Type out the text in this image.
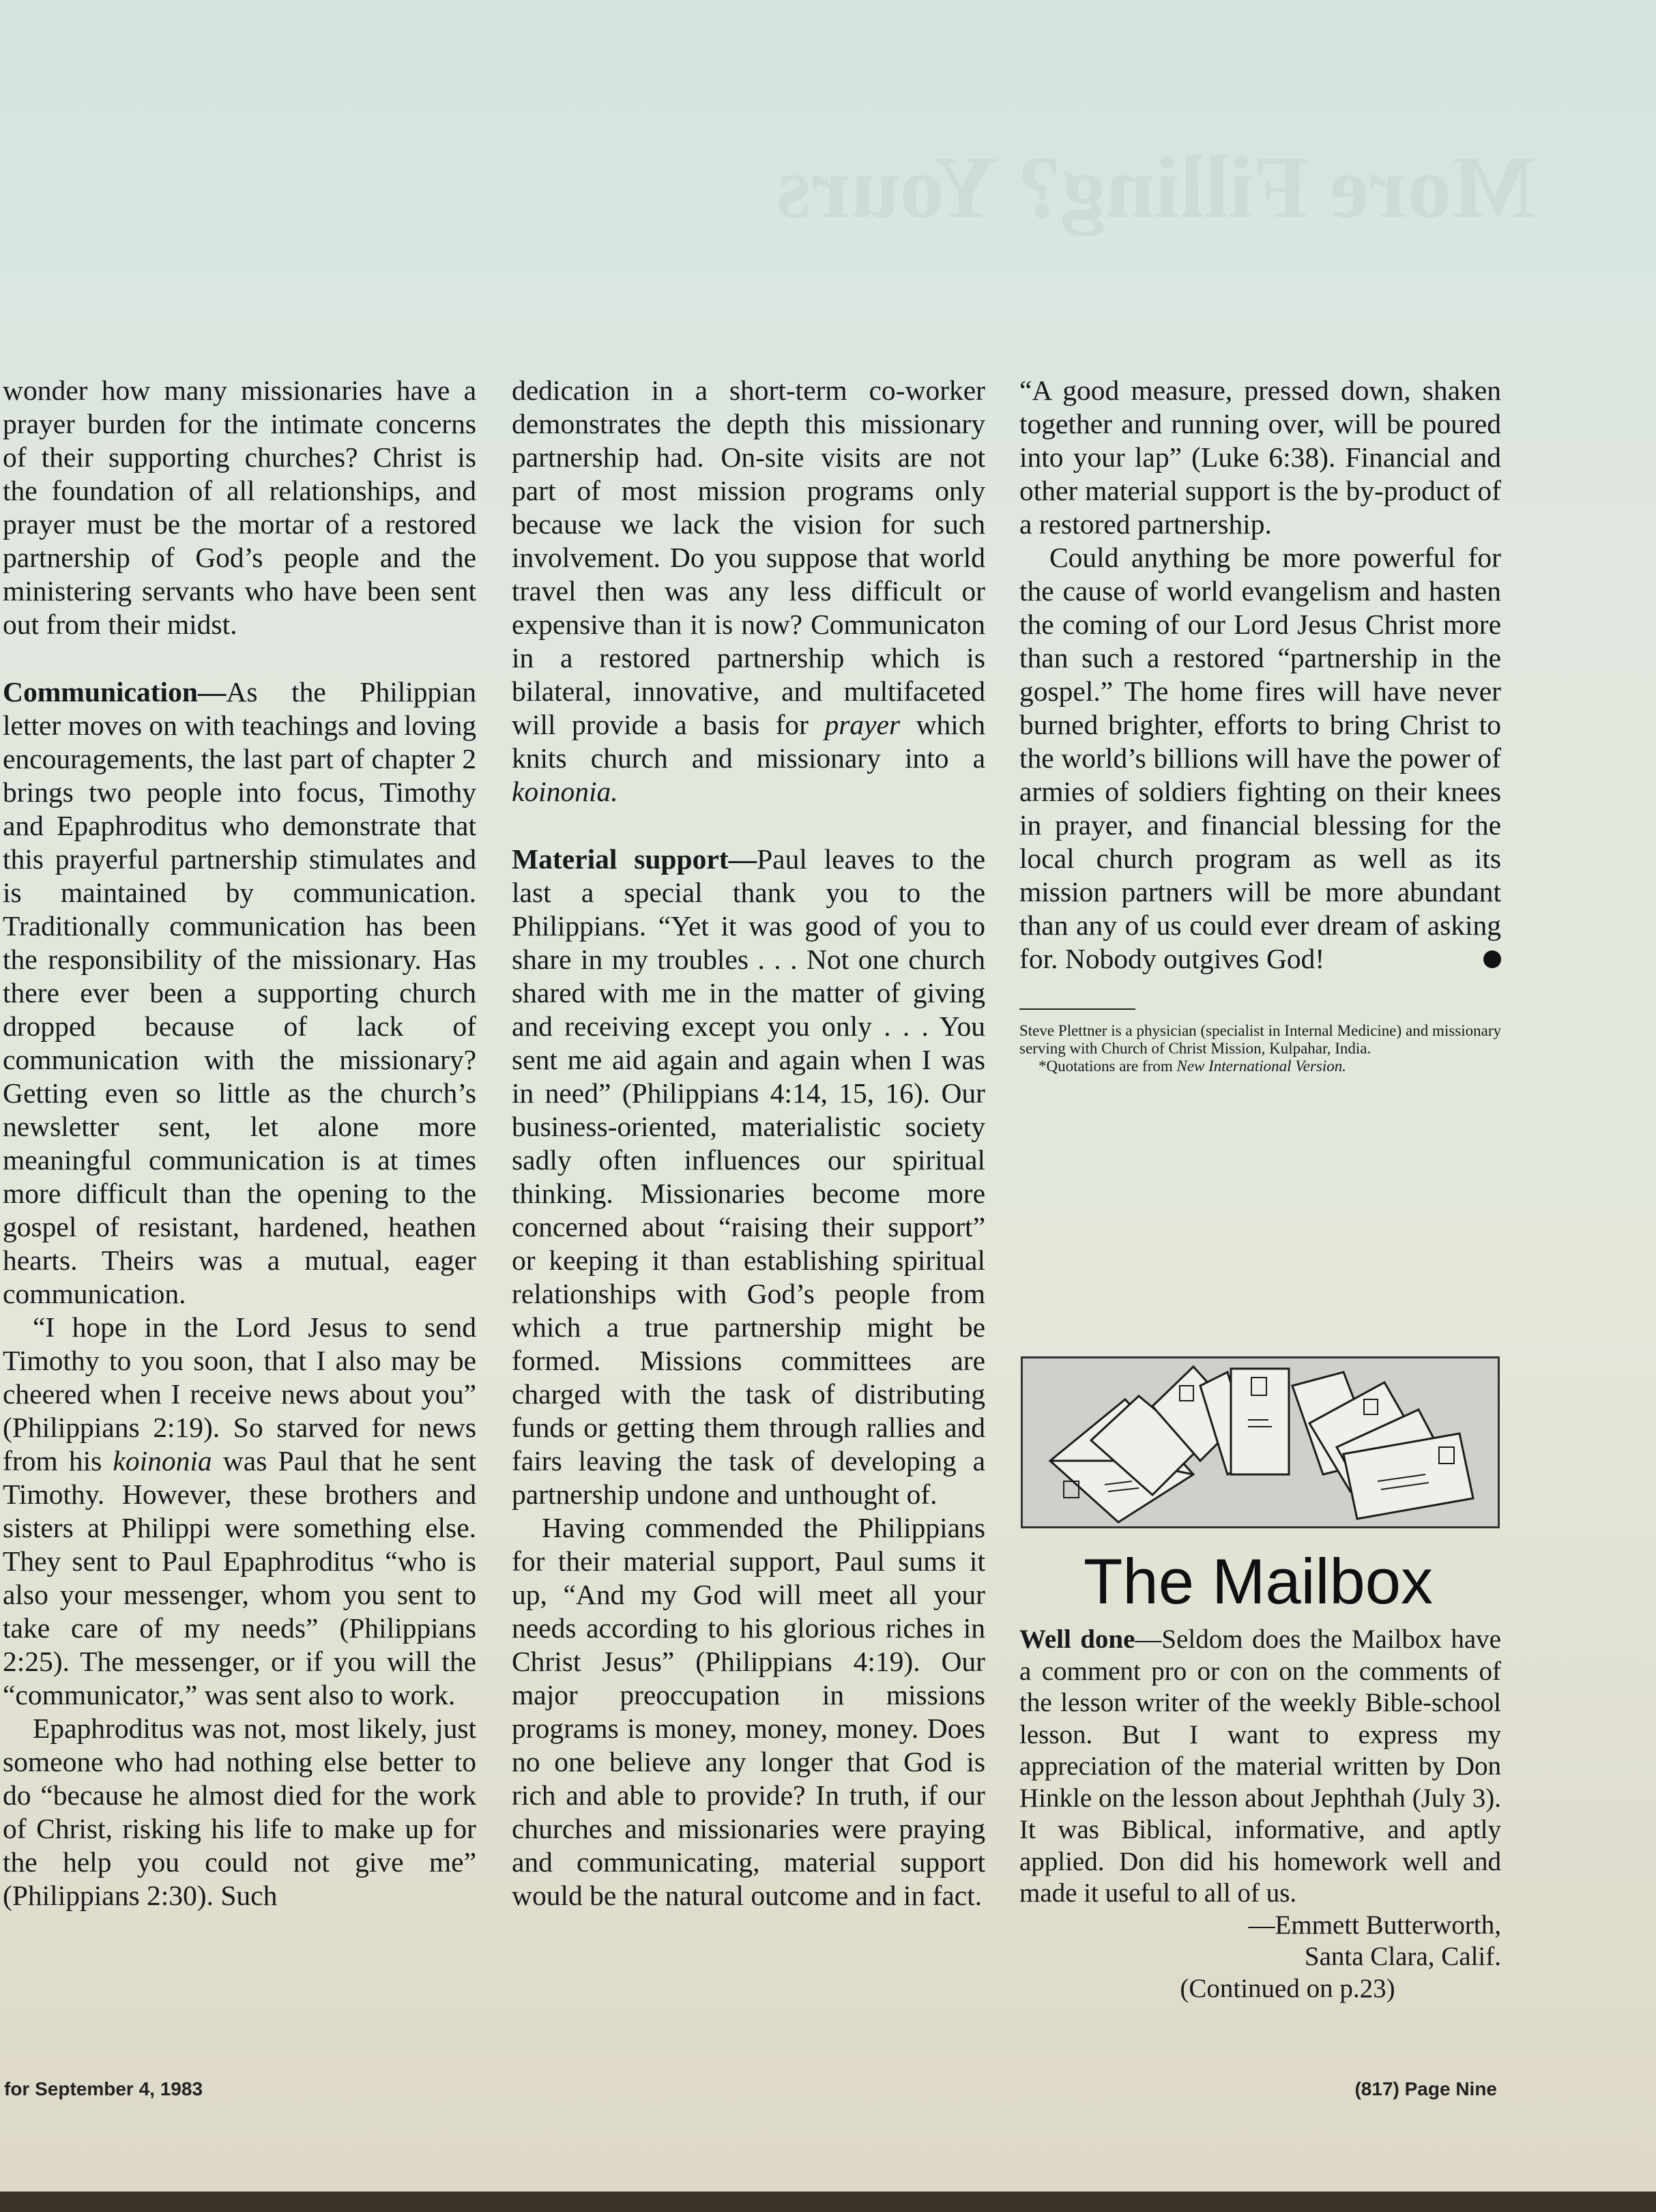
More Filling? Yours

wonder how many missionaries have a prayer burden for the intimate concerns of their supporting churches? Christ is the foundation of all relationships, and prayer must be the mortar of a restored partnership of God’s people and the ministering servants who have been sent out from their midst.

Communication—As the Philippian letter moves on with teachings and loving encouragements, the last part of chapter 2 brings two people into focus, Timothy and Epaphroditus who demonstrate that this prayerful partnership stimulates and is maintained by communication. Traditionally communication has been the responsibility of the missionary. Has there ever been a supporting church dropped because of lack of communication with the missionary? Getting even so little as the church’s newsletter sent, let alone more meaningful communication is at times more difficult than the opening to the gospel of resistant, hardened, heathen hearts. Theirs was a mutual, eager communication.

“I hope in the Lord Jesus to send Timothy to you soon, that I also may be cheered when I receive news about you” (Philippians 2:19). So starved for news from his koinonia was Paul that he sent Timothy. However, these brothers and sisters at Philippi were something else. They sent to Paul Epaphroditus “who is also your messenger, whom you sent to take care of my needs” (Philippians 2:25). The messenger, or if you will the “communicator,” was sent also to work.

Epaphroditus was not, most likely, just someone who had nothing else better to do “because he almost died for the work of Christ, risking his life to make up for the help you could not give me” (Philippians 2:30). Such

dedication in a short-term co-worker demonstrates the depth this missionary partnership had. On-site visits are not part of most mission programs only because we lack the vision for such involvement. Do you suppose that world travel then was any less difficult or expensive than it is now? Communicaton in a restored partnership which is bilateral, innovative, and multifaceted will provide a basis for prayer which knits church and missionary into a koinonia.

Material support—Paul leaves to the last a special thank you to the Philippians. “Yet it was good of you to share in my troubles . . . Not one church shared with me in the matter of giving and receiving except you only . . . You sent me aid again and again when I was in need” (Philippians 4:14, 15, 16). Our business-oriented, materialistic society sadly often influences our spiritual thinking. Missionaries become more concerned about “raising their support” or keeping it than establishing spiritual relationships with God’s people from which a true partnership might be formed. Missions committees are charged with the task of distributing funds or getting them through rallies and fairs leaving the task of developing a partnership undone and unthought of.

Having commended the Philippians for their material support, Paul sums it up, “And my God will meet all your needs according to his glorious riches in Christ Jesus” (Philippians 4:19). Our major preoccupation in missions programs is money, money, money. Does no one believe any longer that God is rich and able to provide? In truth, if our churches and missionaries were praying and communicating, material support would be the natural outcome and in fact.

“A good measure, pressed down, shaken together and running over, will be poured into your lap” (Luke 6:38). Financial and other material support is the by-product of a restored partnership.

Could anything be more powerful for the cause of world evangelism and hasten the coming of our Lord Jesus Christ more than such a restored “partnership in the gospel.” The home fires will have never burned brighter, efforts to bring Christ to the world’s billions will have the power of armies of soldiers fighting on their knees in prayer, and financial blessing for the local church program as well as its mission partners will be more abundant than any of us could ever dream of asking for. Nobody outgives God!

Steve Plettner is a physician (specialist in Internal Medicine) and missionary serving with Church of Christ Mission, Kulpahar, India.

*Quotations are from New International Version.

The Mailbox

Well done—Seldom does the Mailbox have a comment pro or con on the comments of the lesson writer of the weekly Bible-school lesson. But I want to express my appreciation of the material written by Don Hinkle on the lesson about Jephthah (July 3). It was Biblical, informative, and aptly applied. Don did his homework well and made it useful to all of us.

—Emmett Butterworth,
Santa Clara, Calif.
(Continued on p.23)
for September 4, 1983	(817) Page Nine
